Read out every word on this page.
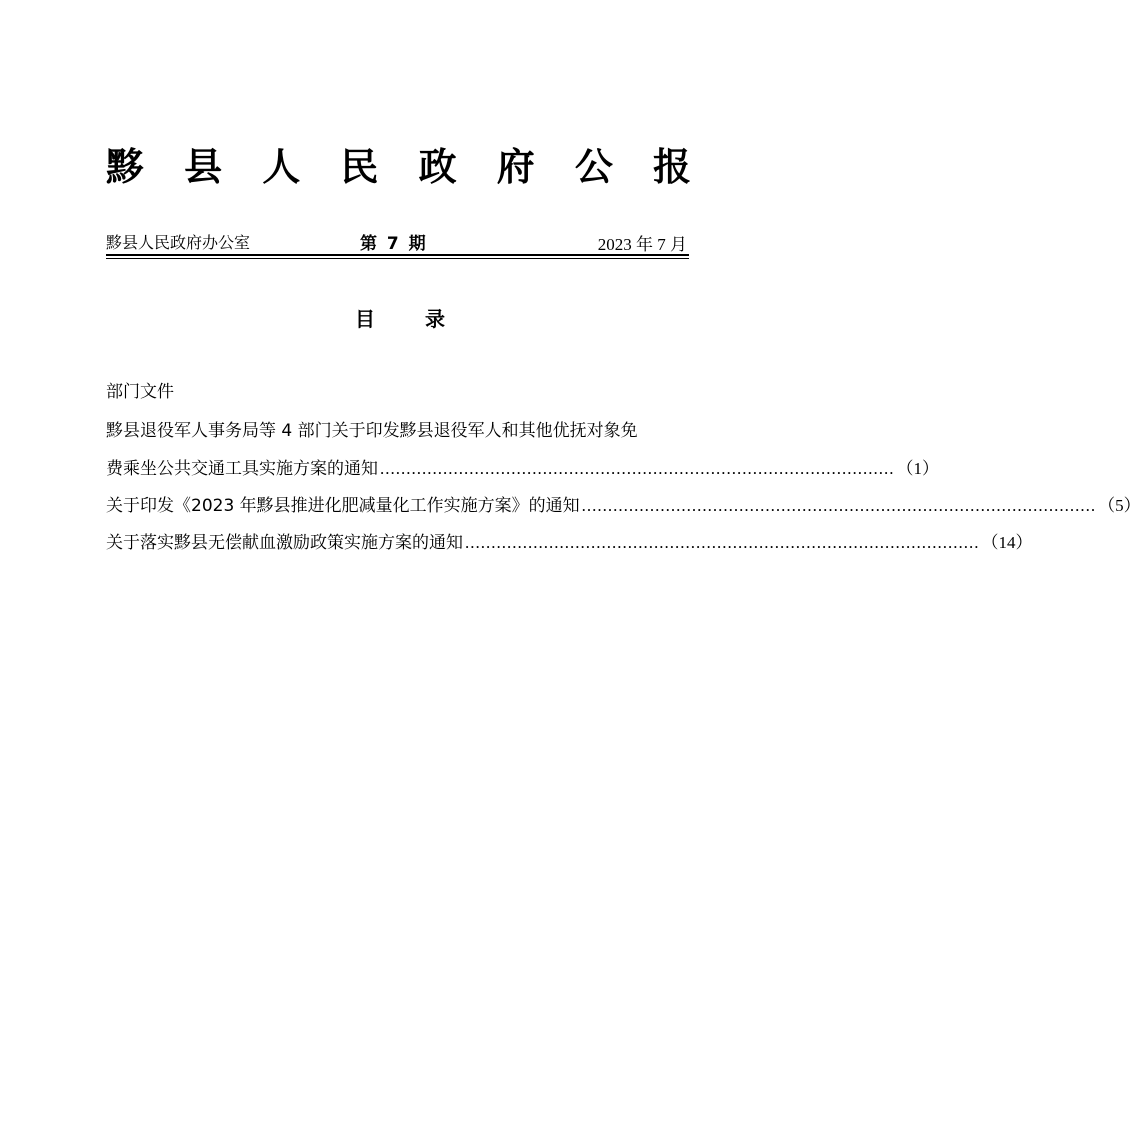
黟 县 人 民 政 府 公 报
黟县人民政府办公室	第 7 期	2023 年 7 月
目	录
部门文件
黟县退役军人事务局等 4 部门关于印发黟县退役军人和其他优抚对象免
费乘坐公共交通工具实施方案的通知 .................................................................................................. （1）
关于印发《2023 年黟县推进化肥减量化工作实施方案》的通知 .................................................................................................. （5）
关于落实黟县无偿献血激励政策实施方案的通知 .................................................................................................. （14）
